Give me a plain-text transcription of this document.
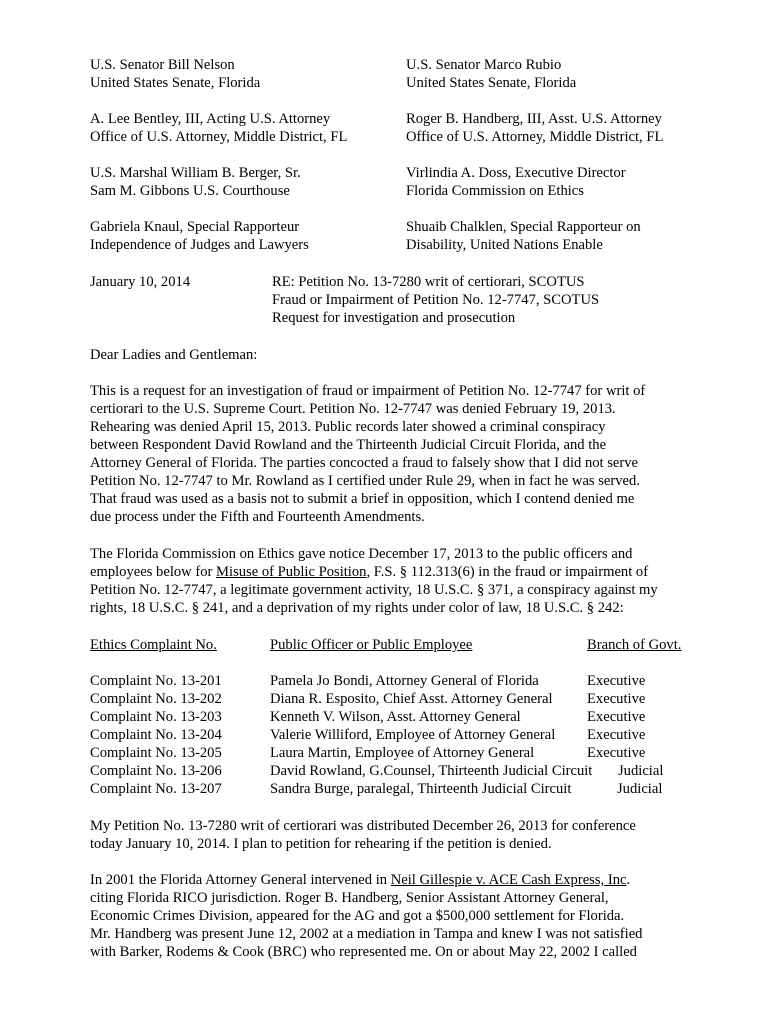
U.S. Senator Bill Nelson
United States Senate, Florida
U.S. Senator Marco Rubio
United States Senate, Florida
A. Lee Bentley, III, Acting U.S. Attorney
Office of U.S. Attorney, Middle District, FL
Roger B. Handberg, III, Asst. U.S. Attorney
Office of U.S. Attorney, Middle District, FL
U.S. Marshal William B. Berger, Sr.
Sam M. Gibbons U.S. Courthouse
Virlindia A. Doss, Executive Director
Florida Commission on Ethics
Gabriela Knaul, Special Rapporteur
Independence of Judges and Lawyers
Shuaib Chalklen, Special Rapporteur on
Disability, United Nations Enable
January 10, 2014	RE: Petition No. 13-7280 writ of certiorari, SCOTUS
Fraud or Impairment of Petition No. 12-7747, SCOTUS
Request for investigation and prosecution
Dear Ladies and Gentleman:
This is a request for an investigation of fraud or impairment of Petition No. 12-7747 for writ of
certiorari to the U.S. Supreme Court. Petition No. 12-7747 was denied February 19, 2013.
Rehearing was denied April 15, 2013. Public records later showed a criminal conspiracy
between Respondent David Rowland and the Thirteenth Judicial Circuit Florida, and the
Attorney General of Florida. The parties concocted a fraud to falsely show that I did not serve
Petition No. 12-7747 to Mr. Rowland as I certified under Rule 29, when in fact he was served.
That fraud was used as a basis not to submit a brief in opposition, which I contend denied me
due process under the Fifth and Fourteenth Amendments.
The Florida Commission on Ethics gave notice December 17, 2013 to the public officers and
employees below for Misuse of Public Position, F.S. § 112.313(6) in the fraud or impairment of
Petition No. 12-7747, a legitimate government activity, 18 U.S.C. § 371, a conspiracy against my
rights, 18 U.S.C. § 241, and a deprivation of my rights under color of law, 18 U.S.C. § 242:
Ethics Complaint No.	Public Officer or Public Employee	Branch of Govt.
Complaint No. 13-201	Pamela Jo Bondi, Attorney General of Florida	Executive
Complaint No. 13-202	Diana R. Esposito, Chief Asst. Attorney General Executive
Complaint No. 13-203	Kenneth V. Wilson, Asst. Attorney General	Executive
Complaint No. 13-204	Valerie Williford, Employee of Attorney General Executive
Complaint No. 13-205	Laura Martin, Employee of Attorney General	Executive
Complaint No. 13-206	David Rowland, G.Counsel, Thirteenth Judicial Circuit Judicial
Complaint No. 13-207	Sandra Burge, paralegal, Thirteenth Judicial Circuit	Judicial
My Petition No. 13-7280 writ of certiorari was distributed December 26, 2013 for conference
today January 10, 2014. I plan to petition for rehearing if the petition is denied.
In 2001 the Florida Attorney General intervened in Neil Gillespie v. ACE Cash Express, Inc.
citing Florida RICO jurisdiction. Roger B. Handberg, Senior Assistant Attorney General,
Economic Crimes Division, appeared for the AG and got a $500,000 settlement for Florida.
Mr. Handberg was present June 12, 2002 at a mediation in Tampa and knew I was not satisfied
with Barker, Rodems & Cook (BRC) who represented me. On or about May 22, 2002 I called
